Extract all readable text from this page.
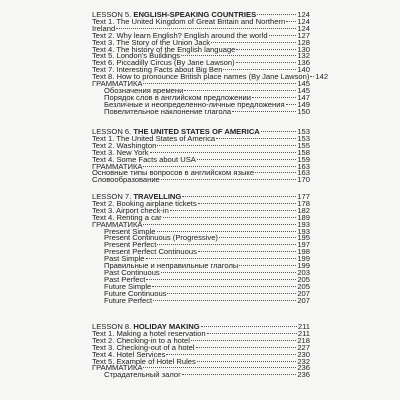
LESSON 5. ENGLISH-SPEAKING COUNTRIES	124
Text 1. The United Kingdom of Great Britain and Northern 124
Ireland	124
Text 2. Why learn English? English around the world	127
Text 3. The Story of the Union Jack	128
Text 4. The history of the English language	130
Text 5. London's Buildings	132
Text 6. Piccadilly Circus (By Jane Lawson)	136
Text 7. Interesting Facts about Big Ben	140
Text 8. How to pronounce British place names (By Jane Lawson) 142
ГРАММАТИКА	145
Обозначения времени	145
Порядок слов в английском предложении	147
Безличные и неопределенно-личные предложения 149
Повелительное наклонение глагола	150
LESSON 6. THE UNITED STATES OF AMERICA	153
Text 1. The United States of America	153
Text 2. Washington	155
Text 3. New York	158
Text 4. Some Facts about USA	159
ГРАММАТИКА	163
Основные типы вопросов в английском языке	163
Словообразование	170
LESSON 7. TRAVELLING	177
Text 2. Booking airplane tickets	178
Text 3. Airport check-in	182
Text 4. Renting a car	189
ГРАММАТИКА	193
Present Simple	193
Present Continuous (Progressive)	195
Present Perfect	197
Present Perfect Continuous	198
Past Simple	199
Правильные и неправильные глаголы	199
Past Continuous	203
Past Perfect	205
Future Simple	205
Future Continuous	207
Future Perfect	207
LESSON 8. HOLIDAY MAKING	211
Text 1. Making a hotel reservation	211
Text 2. Checking-in to a hotel	218
Text 3. Checking-out of a hotel	227
Text 4. Hotel Services	230
Text 5. Example of Hotel Rules	232
ГРАММАТИКА	236
Страдательный залог	236
